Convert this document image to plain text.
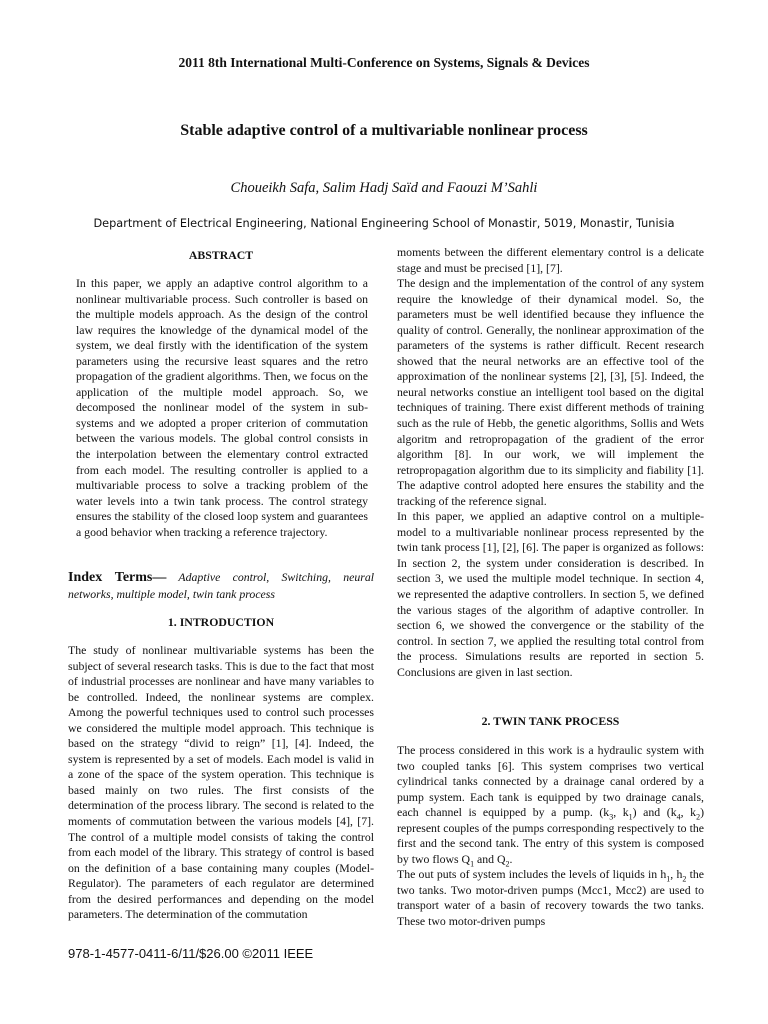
2011 8th International Multi-Conference on Systems, Signals & Devices
Stable adaptive control of a multivariable nonlinear process
Choueikh Safa, Salim Hadj Saïd and Faouzi M’Sahli
Department of Electrical Engineering, National Engineering School of Monastir, 5019, Monastir, Tunisia
ABSTRACT
In this paper, we apply an adaptive control algorithm to a nonlinear multivariable process. Such controller is based on the multiple models approach. As the design of the control law requires the knowledge of the dynamical model of the system, we deal firstly with the identification of the system parameters using the recursive least squares and the retro propagation of the gradient algorithms. Then, we focus on the application of the multiple model approach. So, we decomposed the nonlinear model of the system in sub-systems and we adopted a proper criterion of commutation between the various models. The global control consists in the interpolation between the elementary control extracted from each model. The resulting controller is applied to a multivariable process to solve a tracking problem of the water levels into a twin tank process. The control strategy ensures the stability of the closed loop system and guarantees a good behavior when tracking a reference trajectory.
Index Terms— Adaptive control, Switching, neural networks, multiple model, twin tank process
1. INTRODUCTION

The study of nonlinear multivariable systems has been the subject of several research tasks. This is due to the fact that most of industrial processes are nonlinear and have many variables to be controlled. Indeed, the nonlinear systems are complex. Among the powerful techniques used to control such processes we considered the multiple model approach. This technique is based on the strategy “divid to reign” [1], [4]. Indeed, the system is represented by a set of models. Each model is valid in a zone of the space of the system operation. This technique is based mainly on two rules. The first consists of the determination of the process library. The second is related to the moments of commutation between the various models [4], [7]. The control of a multiple model consists of taking the control from each model of the library. This strategy of control is based on the definition of a base containing many couples (Model-Regulator). The parameters of each regulator are determined from the desired performances and depending on the model parameters. The determination of the commutation

moments between the different elementary control is a delicate stage and must be precised [1], [7].

The design and the implementation of the control of any system require the knowledge of their dynamical model. So, the parameters must be well identified because they influence the quality of control. Generally, the nonlinear approximation of the parameters of the systems is rather difficult. Recent research showed that the neural networks are an effective tool of the approximation of the nonlinear systems [2], [3], [5]. Indeed, the neural networks constiue an intelligent tool based on the digital techniques of training. There exist different methods of training such as the rule of Hebb, the genetic algorithms, Sollis and Wets algoritm and retropropagation of the gradient of the error algorithm [8]. In our work, we will implement the retropropagation algorithm due to its simplicity and fiability [1]. The adaptive control adopted here ensures the stability and the tracking of the reference signal.

In this paper, we applied an adaptive control on a multiple- model to a multivariable nonlinear process represented by the twin tank process [1], [2], [6]. The paper is organized as follows: In section 2, the system under consideration is described. In section 3, we used the multiple model technique. In section 4, we represented the adaptive controllers. In section 5, we defined the various stages of the algorithm of adaptive controller. In section 6, we showed the convergence or the stability of the control. In section 7, we applied the resulting total control from the process. Simulations results are reported in section 5. Conclusions are given in last section.

2. TWIN TANK PROCESS

The process considered in this work is a hydraulic system with two coupled tanks [6]. This system comprises two vertical cylindrical tanks connected by a drainage canal ordered by a pump system. Each tank is equipped by two drainage canals, each channel is equipped by a pump. ($k_3$, $k_1$) and ($k_4$, $k_2$) represent couples of the pumps corresponding respectively to the first and the second tank. The entry of this system is composed by two flows $Q_1$ and $Q_2$.

The out puts of system includes the levels of liquids in $h_1$, $h_2$ the two tanks. Two motor-driven pumps (Mcc1, Mcc2) are used to transport water of a basin of recovery towards the two tanks. These two motor-driven pumps

978-1-4577-0411-6/11/$26.00 ©2011 IEEE
